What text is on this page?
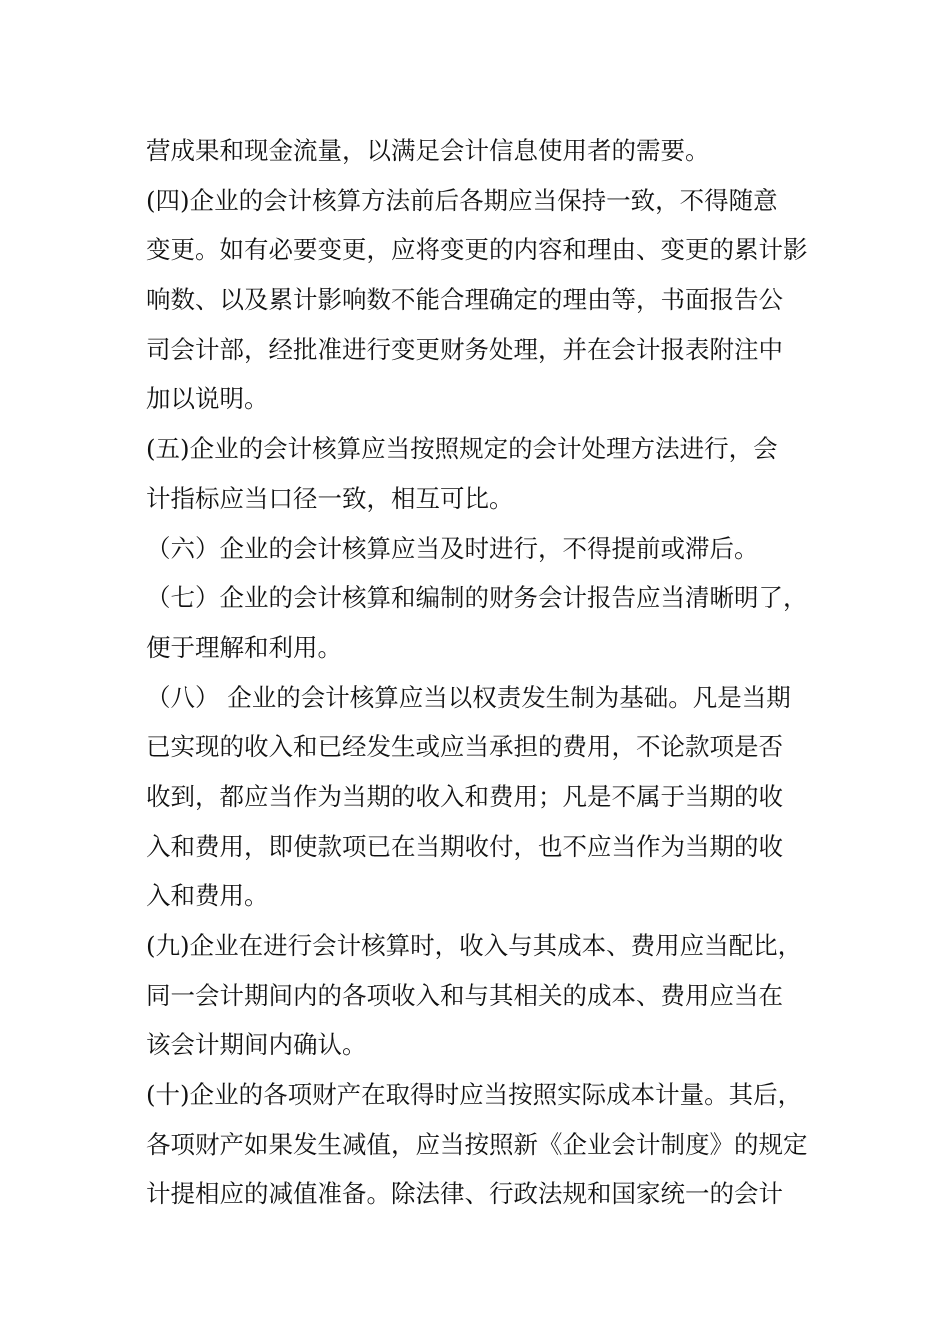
营成果和现金流量，以满足会计信息使用者的需要。
(四)企业的会计核算方法前后各期应当保持一致，不得随意
变更。如有必要变更，应将变更的内容和理由、变更的累计影
响数、以及累计影响数不能合理确定的理由等，书面报告公
司会计部，经批准进行变更财务处理，并在会计报表附注中
加以说明。
(五)企业的会计核算应当按照规定的会计处理方法进行，会
计指标应当口径一致，相互可比。
（六）企业的会计核算应当及时进行，不得提前或滞后。
（七）企业的会计核算和编制的财务会计报告应当清晰明了，
便于理解和利用。
（八） 企业的会计核算应当以权责发生制为基础。凡是当期
已实现的收入和已经发生或应当承担的费用，不论款项是否
收到，都应当作为当期的收入和费用；凡是不属于当期的收
入和费用，即使款项已在当期收付，也不应当作为当期的收
入和费用。
(九)企业在进行会计核算时，收入与其成本、费用应当配比，
同一会计期间内的各项收入和与其相关的成本、费用应当在
该会计期间内确认。
(十)企业的各项财产在取得时应当按照实际成本计量。其后，
各项财产如果发生减值，应当按照新《企业会计制度》的规定
计提相应的减值准备。除法律、行政法规和国家统一的会计
